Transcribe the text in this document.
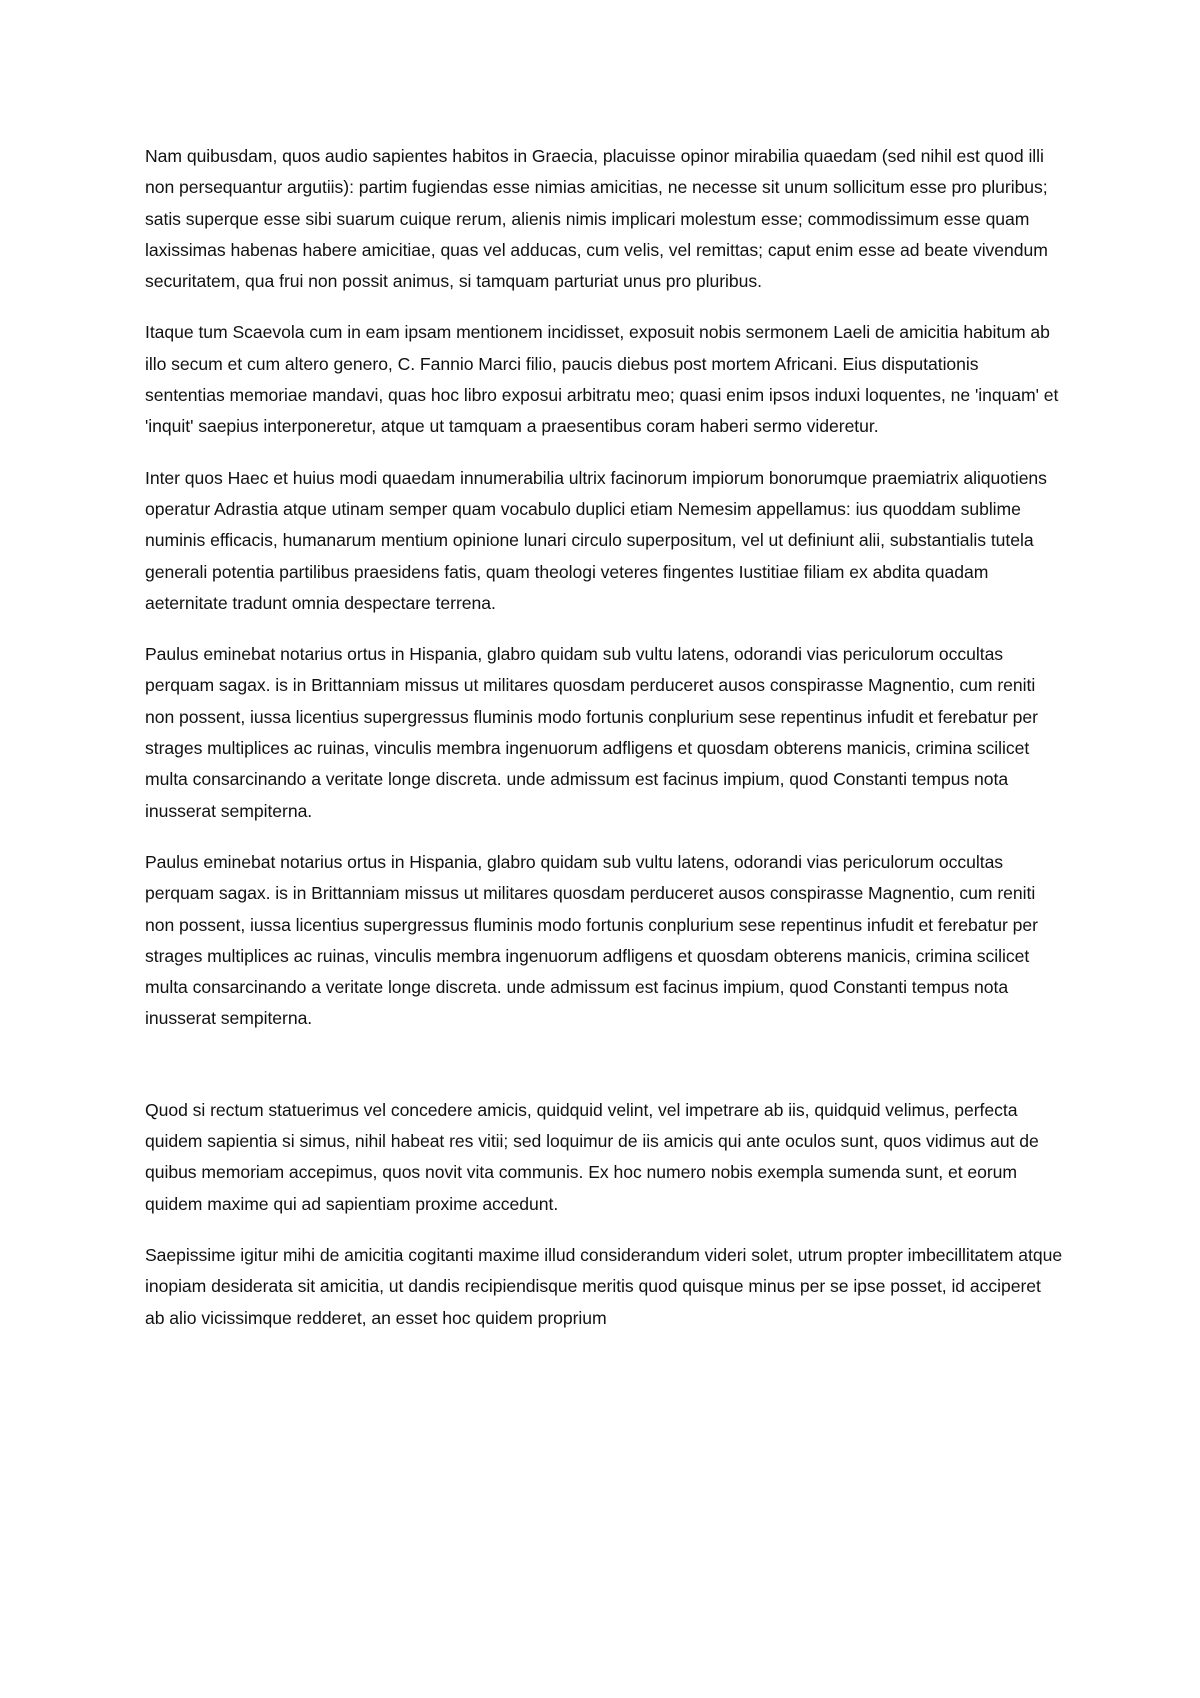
Nam quibusdam, quos audio sapientes habitos in Graecia, placuisse opinor mirabilia quaedam (sed nihil est quod illi non persequantur argutiis): partim fugiendas esse nimias amicitias, ne necesse sit unum sollicitum esse pro pluribus; satis superque esse sibi suarum cuique rerum, alienis nimis implicari molestum esse; commodissimum esse quam laxissimas habenas habere amicitiae, quas vel adducas, cum velis, vel remittas; caput enim esse ad beate vivendum securitatem, qua frui non possit animus, si tamquam parturiat unus pro pluribus.

Itaque tum Scaevola cum in eam ipsam mentionem incidisset, exposuit nobis sermonem Laeli de amicitia habitum ab illo secum et cum altero genero, C. Fannio Marci filio, paucis diebus post mortem Africani. Eius disputationis sententias memoriae mandavi, quas hoc libro exposui arbitratu meo; quasi enim ipsos induxi loquentes, ne 'inquam' et 'inquit' saepius interponeretur, atque ut tamquam a praesentibus coram haberi sermo videretur.

Inter quos Haec et huius modi quaedam innumerabilia ultrix facinorum impiorum bonorumque praemiatrix aliquotiens operatur Adrastia atque utinam semper quam vocabulo duplici etiam Nemesim appellamus: ius quoddam sublime numinis efficacis, humanarum mentium opinione lunari circulo superpositum, vel ut definiunt alii, substantialis tutela generali potentia partilibus praesidens fatis, quam theologi veteres fingentes Iustitiae filiam ex abdita quadam aeternitate tradunt omnia despectare terrena.

Paulus eminebat notarius ortus in Hispania, glabro quidam sub vultu latens, odorandi vias periculorum occultas perquam sagax. is in Brittanniam missus ut militares quosdam perduceret ausos conspirasse Magnentio, cum reniti non possent, iussa licentius supergressus fluminis modo fortunis conplurium sese repentinus infudit et ferebatur per strages multiplices ac ruinas, vinculis membra ingenuorum adfligens et quosdam obterens manicis, crimina scilicet multa consarcinando a veritate longe discreta. unde admissum est facinus impium, quod Constanti tempus nota inusserat sempiterna.

Paulus eminebat notarius ortus in Hispania, glabro quidam sub vultu latens, odorandi vias periculorum occultas perquam sagax. is in Brittanniam missus ut militares quosdam perduceret ausos conspirasse Magnentio, cum reniti non possent, iussa licentius supergressus fluminis modo fortunis conplurium sese repentinus infudit et ferebatur per strages multiplices ac ruinas, vinculis membra ingenuorum adfligens et quosdam obterens manicis, crimina scilicet multa consarcinando a veritate longe discreta. unde admissum est facinus impium, quod Constanti tempus nota inusserat sempiterna.

Quod si rectum statuerimus vel concedere amicis, quidquid velint, vel impetrare ab iis, quidquid velimus, perfecta quidem sapientia si simus, nihil habeat res vitii; sed loquimur de iis amicis qui ante oculos sunt, quos vidimus aut de quibus memoriam accepimus, quos novit vita communis. Ex hoc numero nobis exempla sumenda sunt, et eorum quidem maxime qui ad sapientiam proxime accedunt.

Saepissime igitur mihi de amicitia cogitanti maxime illud considerandum videri solet, utrum propter imbecillitatem atque inopiam desiderata sit amicitia, ut dandis recipiendisque meritis quod quisque minus per se ipse posset, id acciperet ab alio vicissimque redderet, an esset hoc quidem proprium
